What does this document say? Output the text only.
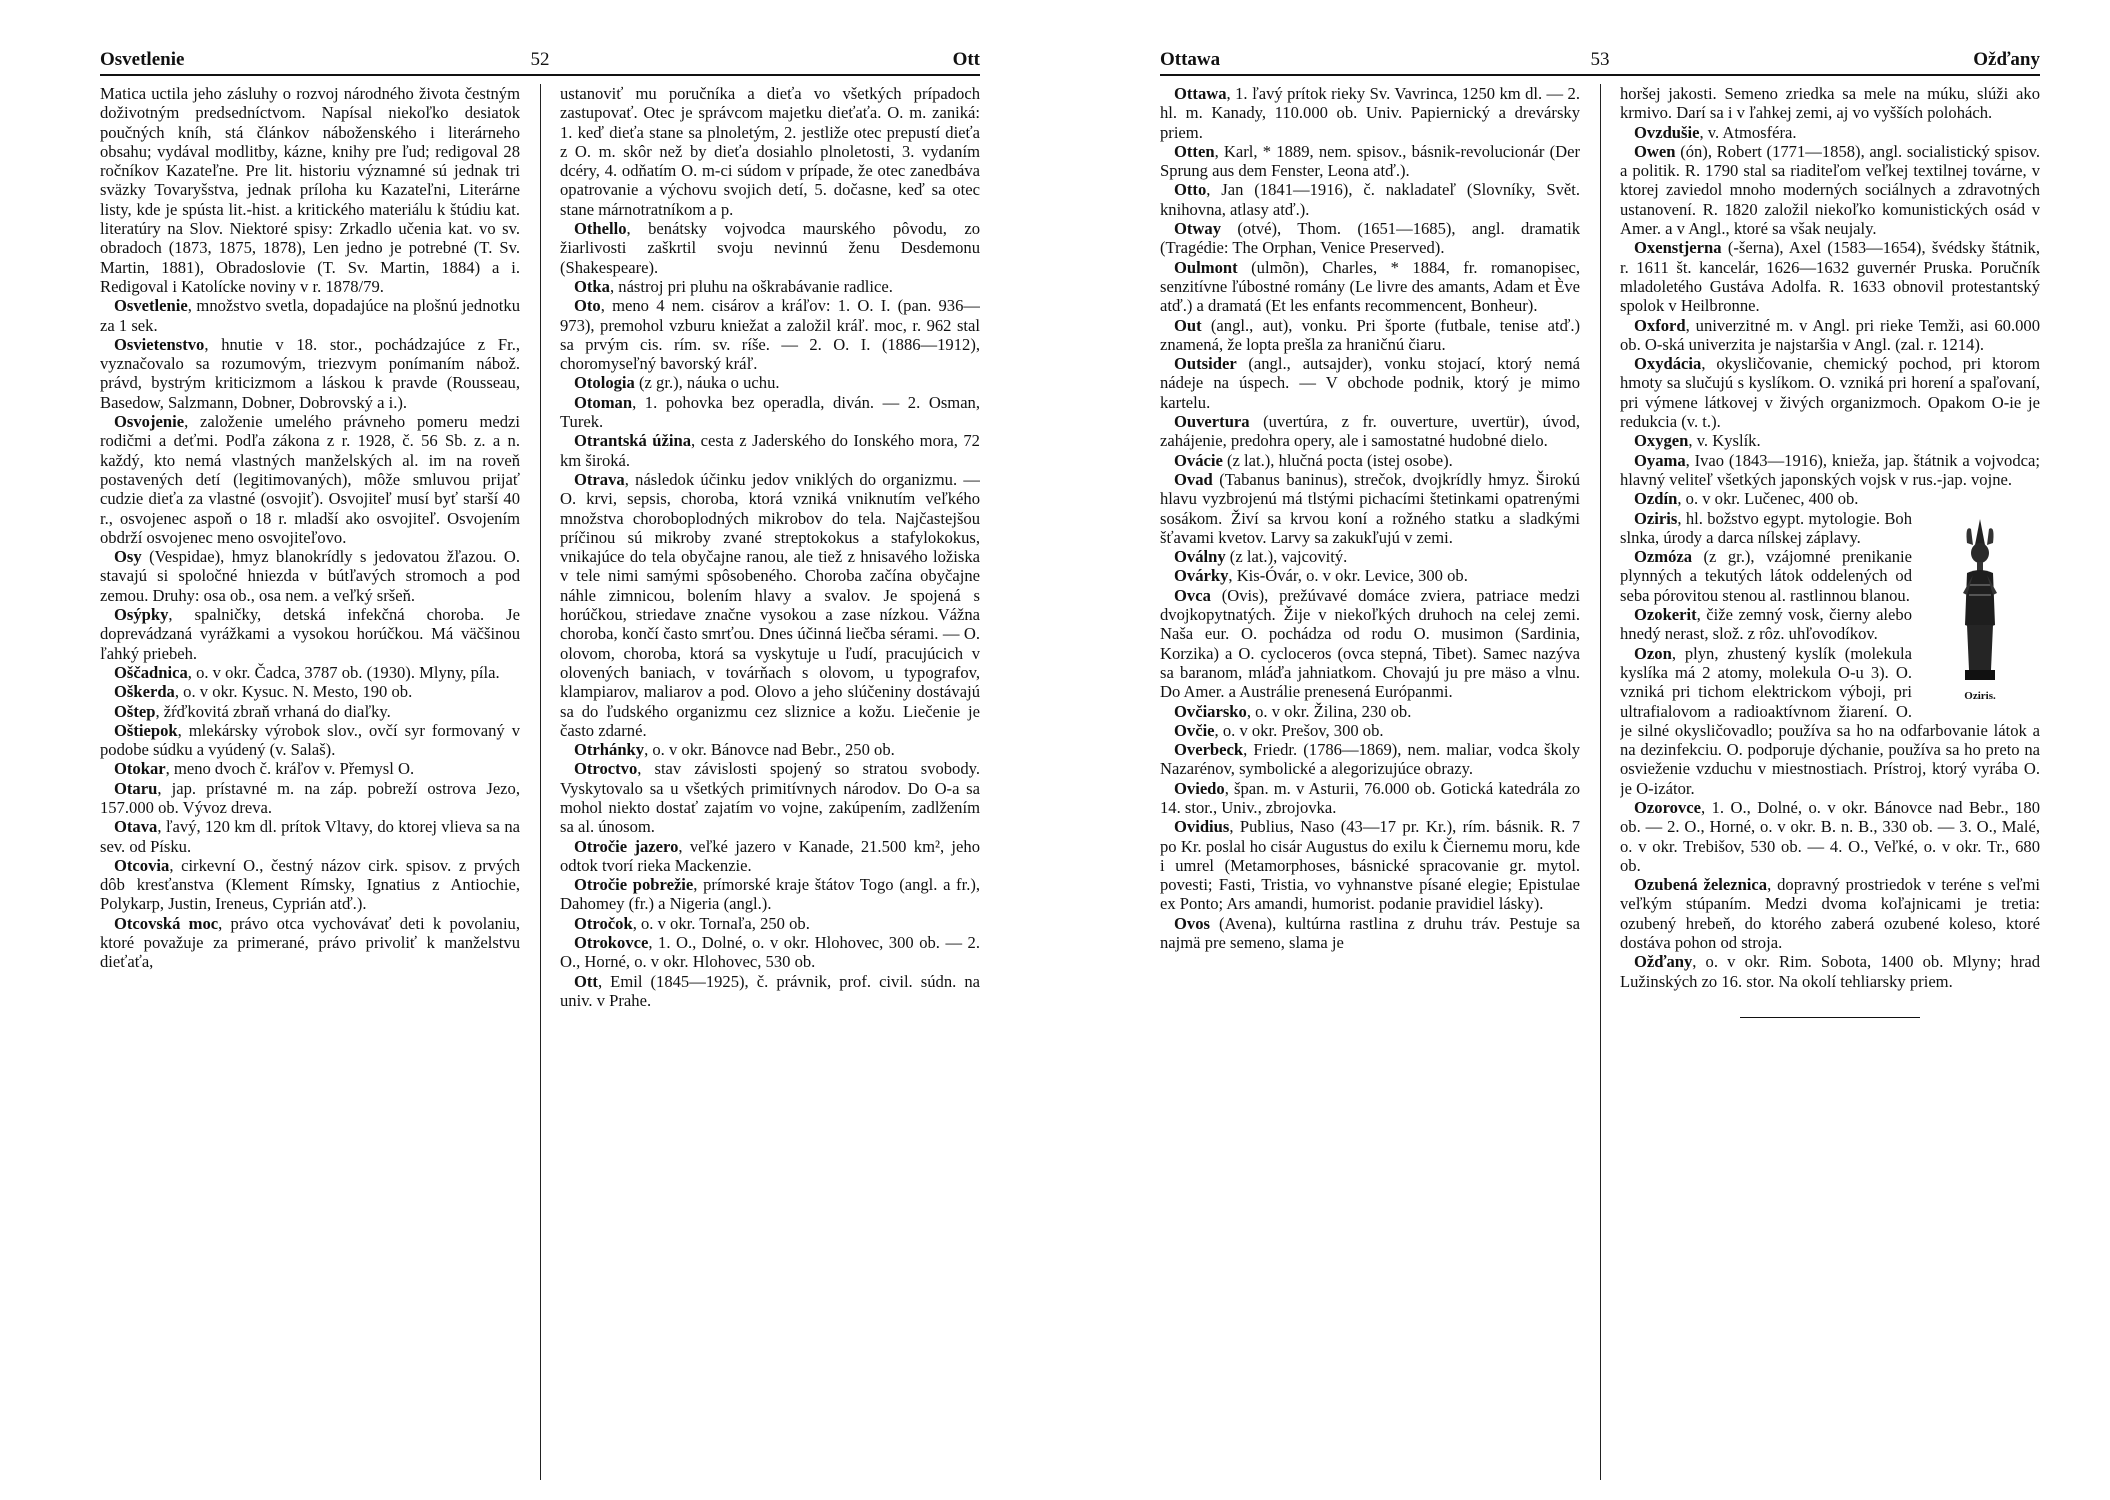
Osvetlenie	52	Ott

Matica uctila jeho zásluhy o rozvoj národného života čestným doživotným predsedníctvom. Napísal niekoľko desiatok poučných kníh, stá článkov náboženského i literárneho obsahu; vydával modlitby, kázne, knihy pre ľud; redigoval 28 ročníkov Kazateľne. Pre lit. historiu významné sú jednak tri sväzky Tovaryšstva, jednak príloha ku Kazateľni, Literárne listy, kde je spústa lit.-hist. a kritického materiálu k štúdiu kat. literatúry na Slov. Niektoré spisy: Zrkadlo učenia kat. vo sv. obradoch (1873, 1875, 1878), Len jedno je potrebné (T. Sv. Martin, 1881), Obradoslovie (T. Sv. Martin, 1884) a i. Redigoval i Katolícke noviny v r. 1878/79.

Osvetlenie, množstvo svetla, dopadajúce na plošnú jednotku za 1 sek.

Osvietenstvo, hnutie v 18. stor., pochádzajúce z Fr., vyznačovalo sa rozumovým, triezvym ponímaním nábož. právd, bystrým kriticizmom a láskou k pravde (Rousseau, Basedow, Salzmann, Dobner, Dobrovský a i.).

Osvojenie, založenie umelého právneho pomeru medzi rodičmi a deťmi. Podľa zákona z r. 1928, č. 56 Sb. z. a n. každý, kto nemá vlastných manželských al. im na roveň postavených detí (legitimovaných), môže smluvou prijať cudzie dieťa za vlastné (osvojiť). Osvojiteľ musí byť starší 40 r., osvojenec aspoň o 18 r. mladší ako osvojiteľ. Osvojením obdrží osvojenec meno osvojiteľovo.

Osy (Vespidae), hmyz blanokrídly s jedovatou žľazou. O. stavajú si spoločné hniezda v bútľavých stromoch a pod zemou. Druhy: osa ob., osa nem. a veľký sršeň.

Osýpky, spalničky, detská infekčná choroba. Je doprevádzaná vyrážkami a vysokou horúčkou. Má väčšinou ľahký priebeh.

Oščadnica, o. v okr. Čadca, 3787 ob. (1930). Mlyny, píla.

Oškerda, o. v okr. Kysuc. N. Mesto, 190 ob.

Oštep, žŕďkovitá zbraň vrhaná do diaľky.

Oštiepok, mlekársky výrobok slov., ovčí syr formovaný v podobe súdku a vyúdený (v. Salaš).

Otokar, meno dvoch č. kráľov v. Přemysl O.

Otaru, jap. prístavné m. na záp. pobreží ostrova Jezo, 157.000 ob. Vývoz dreva.

Otava, ľavý, 120 km dl. prítok Vltavy, do ktorej vlieva sa na sev. od Písku.

Otcovia, cirkevní O., čestný názov cirk. spisov. z prvých dôb kresťanstva (Klement Rímsky, Ignatius z Antiochie, Polykarp, Justin, Ireneus, Cyprián atď.).

Otcovská moc, právo otca vychovávať deti k povolaniu, ktoré považuje za primerané, právo privoliť k manželstvu dieťaťa,

ustanoviť mu poručníka a dieťa vo všetkých prípadoch zastupovať. Otec je správcom majetku dieťaťa. O. m. zaniká: 1. keď dieťa stane sa plnoletým, 2. jestliže otec prepustí dieťa z O. m. skôr než by dieťa dosiahlo plnoletosti, 3. vydaním dcéry, 4. odňatím O. m-ci súdom v prípade, že otec zanedbáva opatrovanie a výchovu svojich detí, 5. dočasne, keď sa otec stane márnotratníkom a p.

Othello, benátsky vojvodca maurského pôvodu, zo žiarlivosti zaškrtil svoju nevinnú ženu Desdemonu (Shakespeare).

Otka, nástroj pri pluhu na oškrabávanie radlice.

Oto, meno 4 nem. cisárov a kráľov: 1. O. I. (pan. 936—973), premohol vzburu kniežat a založil kráľ. moc, r. 962 stal sa prvým cis. rím. sv. ríše. — 2. O. I. (1886—1912), choromyseľný bavorský kráľ.

Otologia (z gr.), náuka o uchu.

Otoman, 1. pohovka bez operadla, diván. — 2. Osman, Turek.

Otrantská úžina, cesta z Jaderského do Ionského mora, 72 km široká.

Otrava, následok účinku jedov vniklých do organizmu. — O. krvi, sepsis, choroba, ktorá vzniká vniknutím veľkého množstva choroboplodných mikrobov do tela. Najčastejšou príčinou sú mikroby zvané streptokokus a stafylokokus, vnikajúce do tela obyčajne ranou, ale tiež z hnisavého ložiska v tele nimi samými spôsobeného. Choroba začína obyčajne náhle zimnicou, bolením hlavy a svalov. Je spojená s horúčkou, striedave značne vysokou a zase nízkou. Vážna choroba, končí často smrťou. Dnes účinná liečba sérami. — O. olovom, choroba, ktorá sa vyskytuje u ľudí, pracujúcich v olovených baniach, v továrňach s olovom, u typografov, klampiarov, maliarov a pod. Olovo a jeho slúčeniny dostávajú sa do ľudského organizmu cez sliznice a kožu. Liečenie je často zdarné.

Otrhánky, o. v okr. Bánovce nad Bebr., 250 ob.

Otroctvo, stav závislosti spojený so stratou svobody. Vyskytovalo sa u všetkých primitívnych národov. Do O-a sa mohol niekto dostať zajatím vo vojne, zakúpením, zadlžením sa al. únosom.

Otročie jazero, veľké jazero v Kanade, 21.500 km², jeho odtok tvorí rieka Mackenzie.

Otročie pobrežie, prímorské kraje štátov Togo (angl. a fr.), Dahomey (fr.) a Nigeria (angl.).

Otročok, o. v okr. Tornaľa, 250 ob.

Otrokovce, 1. O., Dolné, o. v okr. Hlohovec, 300 ob. — 2. O., Horné, o. v okr. Hlohovec, 530 ob.

Ott, Emil (1845—1925), č. právnik, prof. civil. súdn. na univ. v Prahe.

Ottawa	53	Ožďany

Ottawa, 1. ľavý prítok rieky Sv. Vavrinca, 1250 km dl. — 2. hl. m. Kanady, 110.000 ob. Univ. Papiernický a drevársky priem.

Otten, Karl, * 1889, nem. spisov., básnik-revolucionár (Der Sprung aus dem Fenster, Leona atď.).

Otto, Jan (1841—1916), č. nakladateľ (Slovníky, Svět. knihovna, atlasy atď.).

Otway (otvé), Thom. (1651—1685), angl. dramatik (Tragédie: The Orphan, Venice Preserved).

Oulmont (ulmõn), Charles, * 1884, fr. romanopisec, senzitívne ľúbostné romány (Le livre des amants, Adam et Ève atď.) a dramatá (Et les enfants recommencent, Bonheur).

Out (angl., aut), vonku. Pri športe (futbale, tenise atď.) znamená, že lopta prešla za hraničnú čiaru.

Outsider (angl., autsajder), vonku stojací, ktorý nemá nádeje na úspech. — V obchode podnik, ktorý je mimo kartelu.

Ouvertura (uvertúra, z fr. ouverture, uvertür), úvod, zahájenie, predohra opery, ale i samostatné hudobné dielo.

Ovácie (z lat.), hlučná pocta (istej osobe).

Ovad (Tabanus baninus), strečok, dvojkrídly hmyz. Širokú hlavu vyzbrojenú má tlstými pichacími štetinkami opatrenými sosákom. Živí sa krvou koní a rožného statku a sladkými šťavami kvetov. Larvy sa zakukľujú v zemi.

Oválny (z lat.), vajcovitý.

Ovárky, Kis-Óvár, o. v okr. Levice, 300 ob.

Ovca (Ovis), prežúvavé domáce zviera, patriace medzi dvojkopytnatých. Žije v niekoľkých druhoch na celej zemi. Naša eur. O. pochádza od rodu O. musimon (Sardinia, Korzika) a O. cycloceros (ovca stepná, Tibet). Samec nazýva sa baranom, mláďa jahniatkom. Chovajú ju pre mäso a vlnu. Do Amer. a Austrálie prenesená Európanmi.

Ovčiarsko, o. v okr. Žilina, 230 ob.

Ovčie, o. v okr. Prešov, 300 ob.

Overbeck, Friedr. (1786—1869), nem. maliar, vodca školy Nazarénov, symbolické a alegorizujúce obrazy.

Oviedo, špan. m. v Asturii, 76.000 ob. Gotická katedrála zo 14. stor., Univ., zbrojovka.

Ovidius, Publius, Naso (43—17 pr. Kr.), rím. básnik. R. 7 po Kr. poslal ho cisár Augustus do exilu k Čiernemu moru, kde i umrel (Metamorphoses, básnické spracovanie gr. mytol. povesti; Fasti, Tristia, vo vyhnanstve písané elegie; Epistulae ex Ponto; Ars amandi, humorist. podanie pravidiel lásky).

Ovos (Avena), kultúrna rastlina z druhu tráv. Pestuje sa najmä pre semeno, slama je

horšej jakosti. Semeno zriedka sa mele na múku, slúži ako krmivo. Darí sa i v ľahkej zemi, aj vo vyšších polohách.

Ovzdušie, v. Atmosféra.

Owen (ón), Robert (1771—1858), angl. socialistický spisov. a politik. R. 1790 stal sa riaditeľom veľkej textilnej továrne, v ktorej zaviedol mnoho moderných sociálnych a zdravotných ustanovení. R. 1820 založil niekoľko komunistických osád v Amer. a v Angl., ktoré sa však neujaly.

Oxenstjerna (-šerna), Axel (1583—1654), švédsky štátnik, r. 1611 št. kancelár, 1626—1632 guvernér Pruska. Poručník mladoletého Gustáva Adolfa. R. 1633 obnovil protestantský spolok v Heilbronne.

Oxford, univerzitné m. v Angl. pri rieke Temži, asi 60.000 ob. O-ská univerzita je najstaršia v Angl. (zal. r. 1214).

Oxydácia, okysličovanie, chemický pochod, pri ktorom hmoty sa slučujú s kyslíkom. O. vzniká pri horení a spaľovaní, pri výmene látkovej v živých organizmoch. Opakom O-ie je redukcia (v. t.).

Oxygen, v. Kyslík.

Oyama, Ivao (1843—1916), knieža, jap. štátnik a vojvodca; hlavný veliteľ všetkých japonských vojsk v rus.-jap. vojne.

Ozdín, o. v okr. Lučenec, 400 ob.

Oziris.

Oziris, hl. božstvo egypt. mytologie. Boh slnka, úrody a darca nílskej záplavy.

Ozmóza (z gr.), vzájomné prenikanie plynných a tekutých látok oddelených od seba pórovitou stenou al. rastlinnou blanou.

Ozokerit, čiže zemný vosk, čierny alebo hnedý nerast, slož. z rôz. uhľovodíkov.

Ozon, plyn, zhustený kyslík (molekula kyslíka má 2 atomy, molekula O-u 3). O. vzniká pri tichom elektrickom výboji, pri ultrafialovom a radioaktívnom žiarení. O. je silné okysličovadlo; používa sa ho na odfarbovanie látok a na dezinfekciu. O. podporuje dýchanie, používa sa ho preto na osvieženie vzduchu v miestnostiach. Prístroj, ktorý vyrába O. je O-izátor.

Ozorovce, 1. O., Dolné, o. v okr. Bánovce nad Bebr., 180 ob. — 2. O., Horné, o. v okr. B. n. B., 330 ob. — 3. O., Malé, o. v okr. Trebišov, 530 ob. — 4. O., Veľké, o. v okr. Tr., 680 ob.

Ozubená železnica, dopravný prostriedok v teréne s veľmi veľkým stúpaním. Medzi dvoma koľajnicami je tretia: ozubený hrebeň, do ktorého zaberá ozubené koleso, ktoré dostáva pohon od stroja.

Ožďany, o. v okr. Rim. Sobota, 1400 ob. Mlyny; hrad Lužinských zo 16. stor. Na okolí tehliarsky priem.
